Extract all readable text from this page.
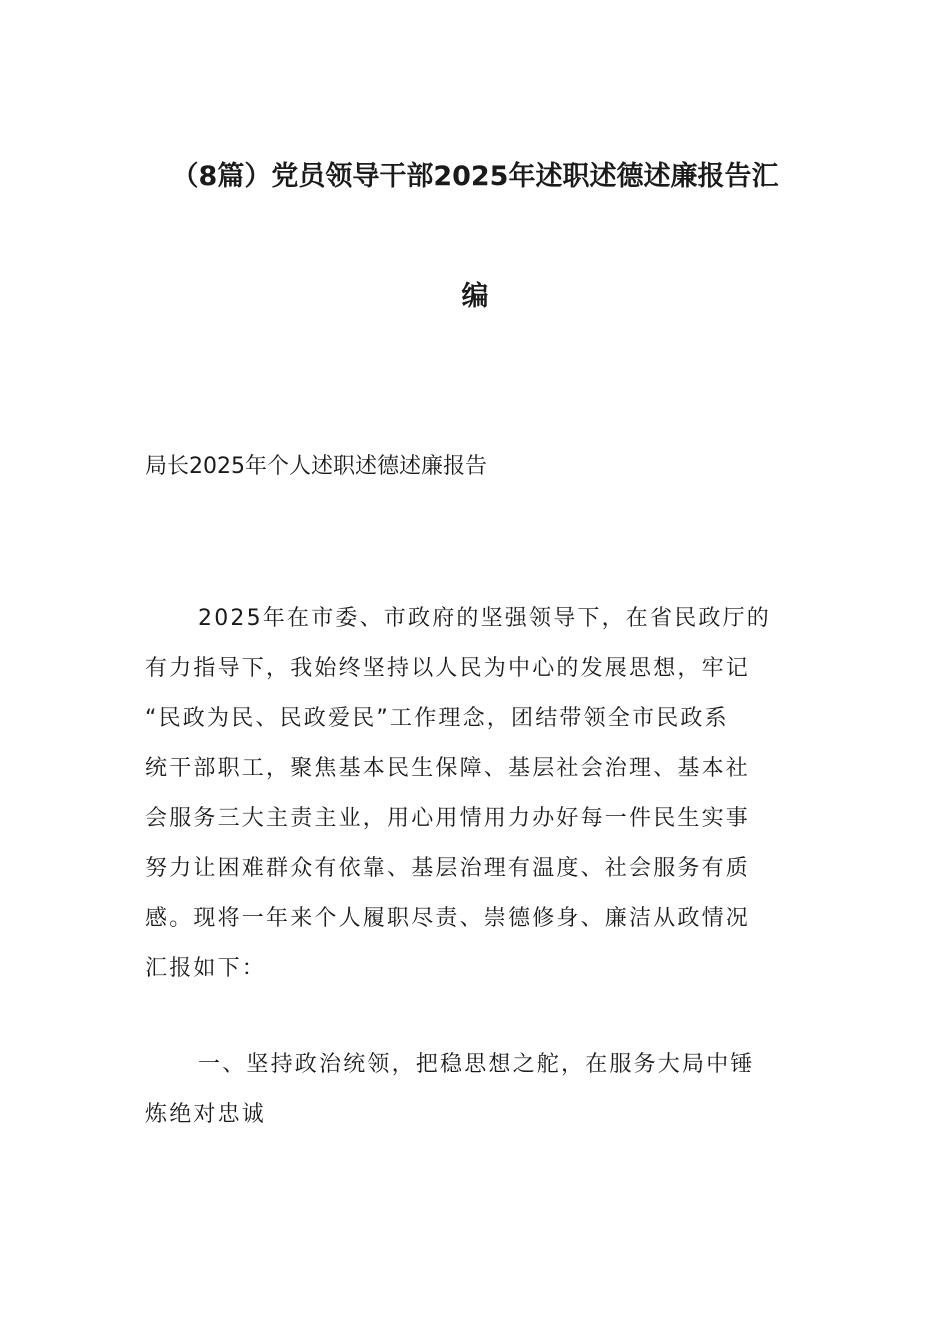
（8篇）党员领导干部2025年述职述德述廉报告汇
编

局长2025年个人述职述德述廉报告

2025年在市委、市政府的坚强领导下，在省民政厅的
有力指导下，我始终坚持以人民为中心的发展思想，牢记
“民政为民、民政爱民”工作理念，团结带领全市民政系
统干部职工，聚焦基本民生保障、基层社会治理、基本社
会服务三大主责主业，用心用情用力办好每一件民生实事
努力让困难群众有依靠、基层治理有温度、社会服务有质
感。现将一年来个人履职尽责、崇德修身、廉洁从政情况
汇报如下：
一、坚持政治统领，把稳思想之舵，在服务大局中锤
炼绝对忠诚
